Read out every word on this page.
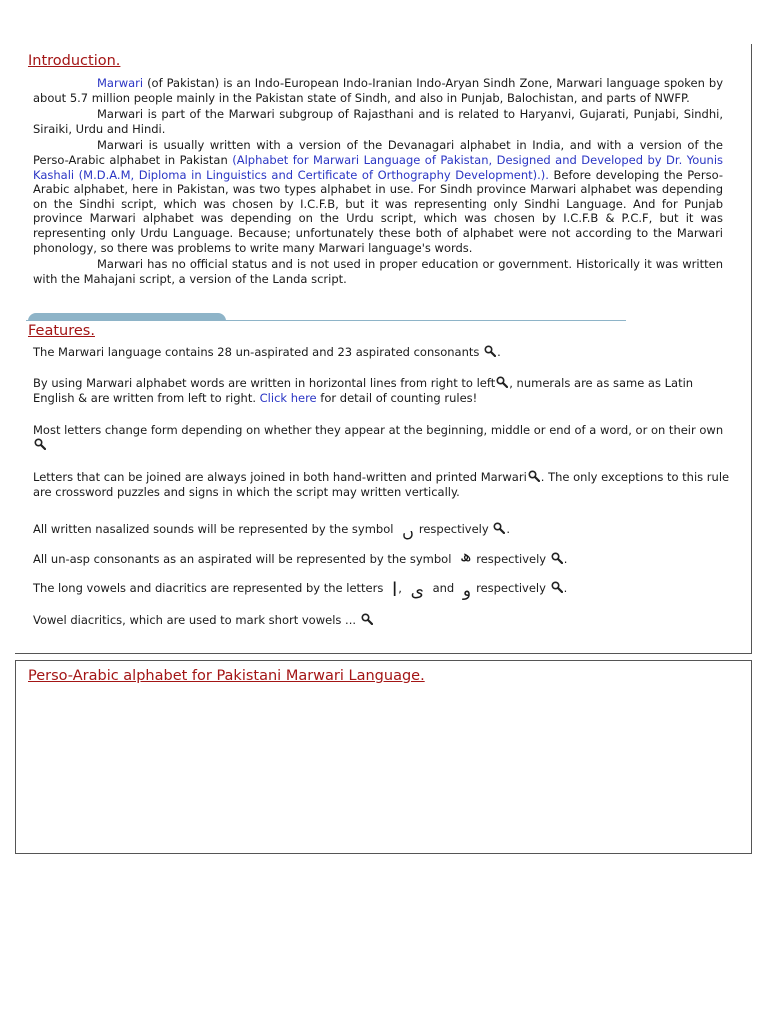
Introduction.

Marwari (of Pakistan) is an Indo-European Indo-Iranian Indo-Aryan Sindh Zone, Marwari language spoken by about 5.7 million people mainly in the Pakistan state of Sindh, and also in Punjab, Balochistan, and parts of NWFP.

Marwari is part of the Marwari subgroup of Rajasthani and is related to Haryanvi, Gujarati, Punjabi, Sindhi, Siraiki, Urdu and Hindi.

Marwari is usually written with a version of the Devanagari alphabet in India, and with a version of the Perso-Arabic alphabet in Pakistan (Alphabet for Marwari Language of Pakistan, Designed and Developed by Dr. Younis Kashali (M.D.A.M, Diploma in Linguistics and Certificate of Orthography Development).). Before developing the Perso-Arabic alphabet, here in Pakistan, was two types alphabet in use. For Sindh province Marwari alphabet was depending on the Sindhi script, which was chosen by I.C.F.B, but it was representing only Sindhi Language. And for Punjab province Marwari alphabet was depending on the Urdu script, which was chosen by I.C.F.B & P.C.F, but it was representing only Urdu Language. Because; unfortunately these both of alphabet were not according to the Marwari phonology, so there was problems to write many Marwari language's words.

Marwari has no official status and is not used in proper education or government. Historically it was written with the Mahajani script, a version of the Landa script.

Features.

The Marwari language contains 28 un-aspirated and 23 aspirated consonants .

By using Marwari alphabet words are written in horizontal lines from right to left , numerals are as same as Latin English & are written from left to right. Click here for detail of counting rules!

Most letters change form depending on whether they appear at the beginning, middle or end of a word, or on their own

Letters that can be joined are always joined in both hand-written and printed Marwari . The only exceptions to this rule are crossword puzzles and signs in which the script may written vertically.

All written nasalized sounds will be represented by the symbol ں respectively .

All un-asp consonants as an aspirated will be represented by the symbol ھ respectively .

The long vowels and diacritics are represented by the letters ا, ی and و respectively .

Vowel diacritics, which are used to mark short vowels ...

Perso-Arabic alphabet for Pakistani Marwari Language.
